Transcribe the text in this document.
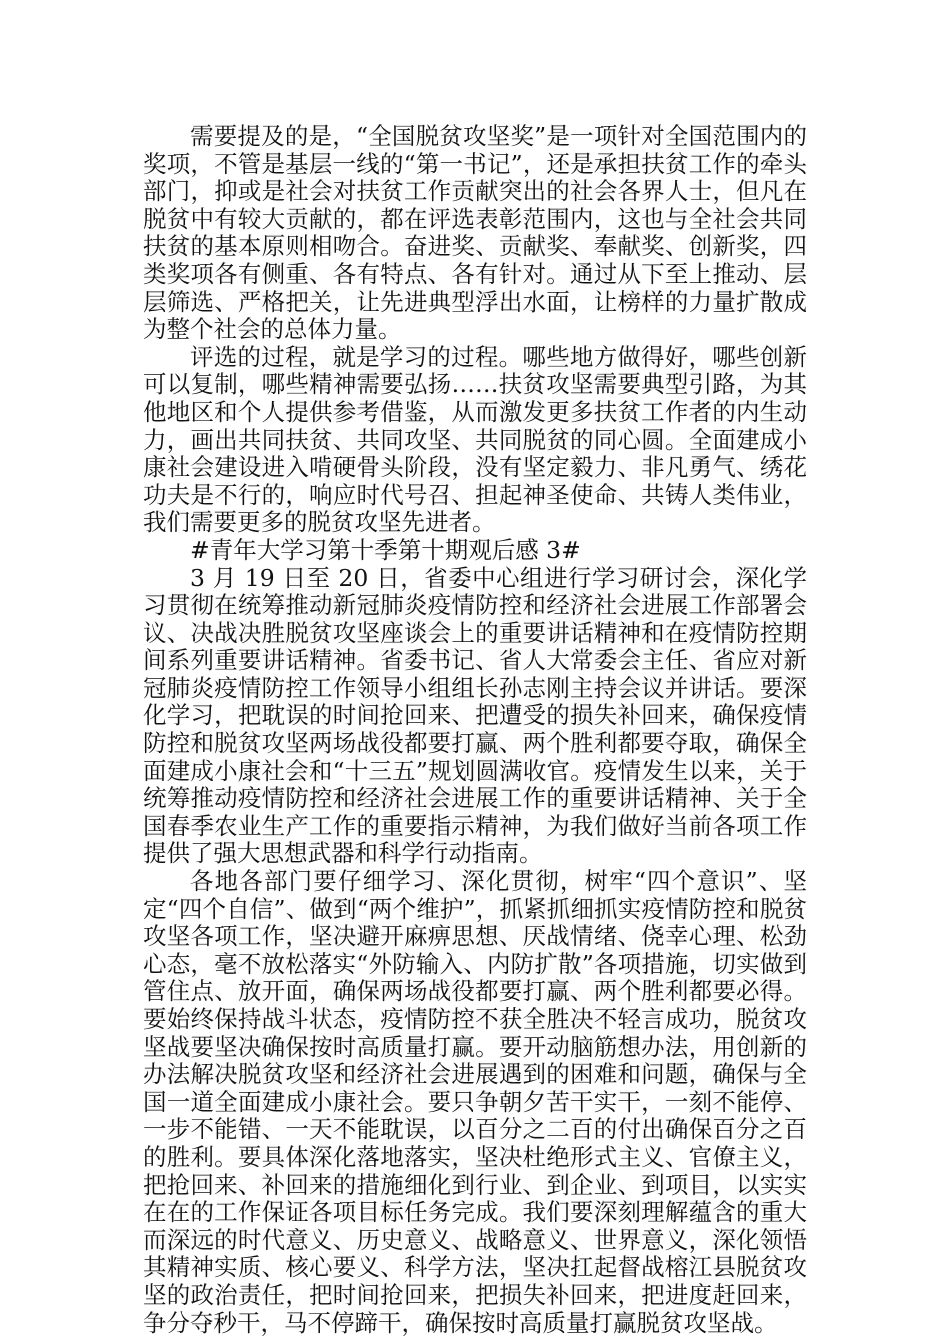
需要提及的是，“全国脱贫攻坚奖”是一项针对全国范围内的奖项，不管是基层一线的“第一书记”，还是承担扶贫工作的牵头部门，抑或是社会对扶贫工作贡献突出的社会各界人士，但凡在脱贫中有较大贡献的，都在评选表彰范围内，这也与全社会共同扶贫的基本原则相吻合。奋进奖、贡献奖、奉献奖、创新奖，四类奖项各有侧重、各有特点、各有针对。通过从下至上推动、层层筛选、严格把关，让先进典型浮出水面，让榜样的力量扩散成为整个社会的总体力量。

评选的过程，就是学习的过程。哪些地方做得好，哪些创新可以复制，哪些精神需要弘扬……扶贫攻坚需要典型引路，为其他地区和个人提供参考借鉴，从而激发更多扶贫工作者的内生动力，画出共同扶贫、共同攻坚、共同脱贫的同心圆。全面建成小康社会建设进入啃硬骨头阶段，没有坚定毅力、非凡勇气、绣花功夫是不行的，响应时代号召、担起神圣使命、共铸人类伟业，我们需要更多的脱贫攻坚先进者。

#青年大学习第十季第十期观后感 3#

3 月 19 日至 20 日，省委中心组进行学习研讨会，深化学习贯彻在统筹推动新冠肺炎疫情防控和经济社会进展工作部署会议、决战决胜脱贫攻坚座谈会上的重要讲话精神和在疫情防控期间系列重要讲话精神。省委书记、省人大常委会主任、省应对新冠肺炎疫情防控工作领导小组组长孙志刚主持会议并讲话。要深化学习，把耽误的时间抢回来、把遭受的损失补回来，确保疫情防控和脱贫攻坚两场战役都要打赢、两个胜利都要夺取，确保全面建成小康社会和“十三五”规划圆满收官。疫情发生以来，关于统筹推动疫情防控和经济社会进展工作的重要讲话精神、关于全国春季农业生产工作的重要指示精神，为我们做好当前各项工作提供了强大思想武器和科学行动指南。

各地各部门要仔细学习、深化贯彻，树牢“四个意识”、坚定“四个自信”、做到“两个维护”，抓紧抓细抓实疫情防控和脱贫攻坚各项工作，坚决避开麻痹思想、厌战情绪、侥幸心理、松劲心态，毫不放松落实“外防输入、内防扩散”各项措施，切实做到管住点、放开面，确保两场战役都要打赢、两个胜利都要必得。要始终保持战斗状态，疫情防控不获全胜决不轻言成功，脱贫攻坚战要坚决确保按时高质量打赢。要开动脑筋想办法，用创新的办法解决脱贫攻坚和经济社会进展遇到的困难和问题，确保与全国一道全面建成小康社会。要只争朝夕苦干实干，一刻不能停、一步不能错、一天不能耽误，以百分之二百的付出确保百分之百的胜利。要具体深化落地落实，坚决杜绝形式主义、官僚主义，把抢回来、补回来的措施细化到行业、到企业、到项目，以实实在在的工作保证各项目标任务完成。我们要深刻理解蕴含的重大而深远的时代意义、历史意义、战略意义、世界意义，深化领悟其精神实质、核心要义、科学方法，坚决扛起督战榕江县脱贫攻坚的政治责任，把时间抢回来，把损失补回来，把进度赶回来，争分夺秒干，马不停蹄干，确保按时高质量打赢脱贫攻坚战。
